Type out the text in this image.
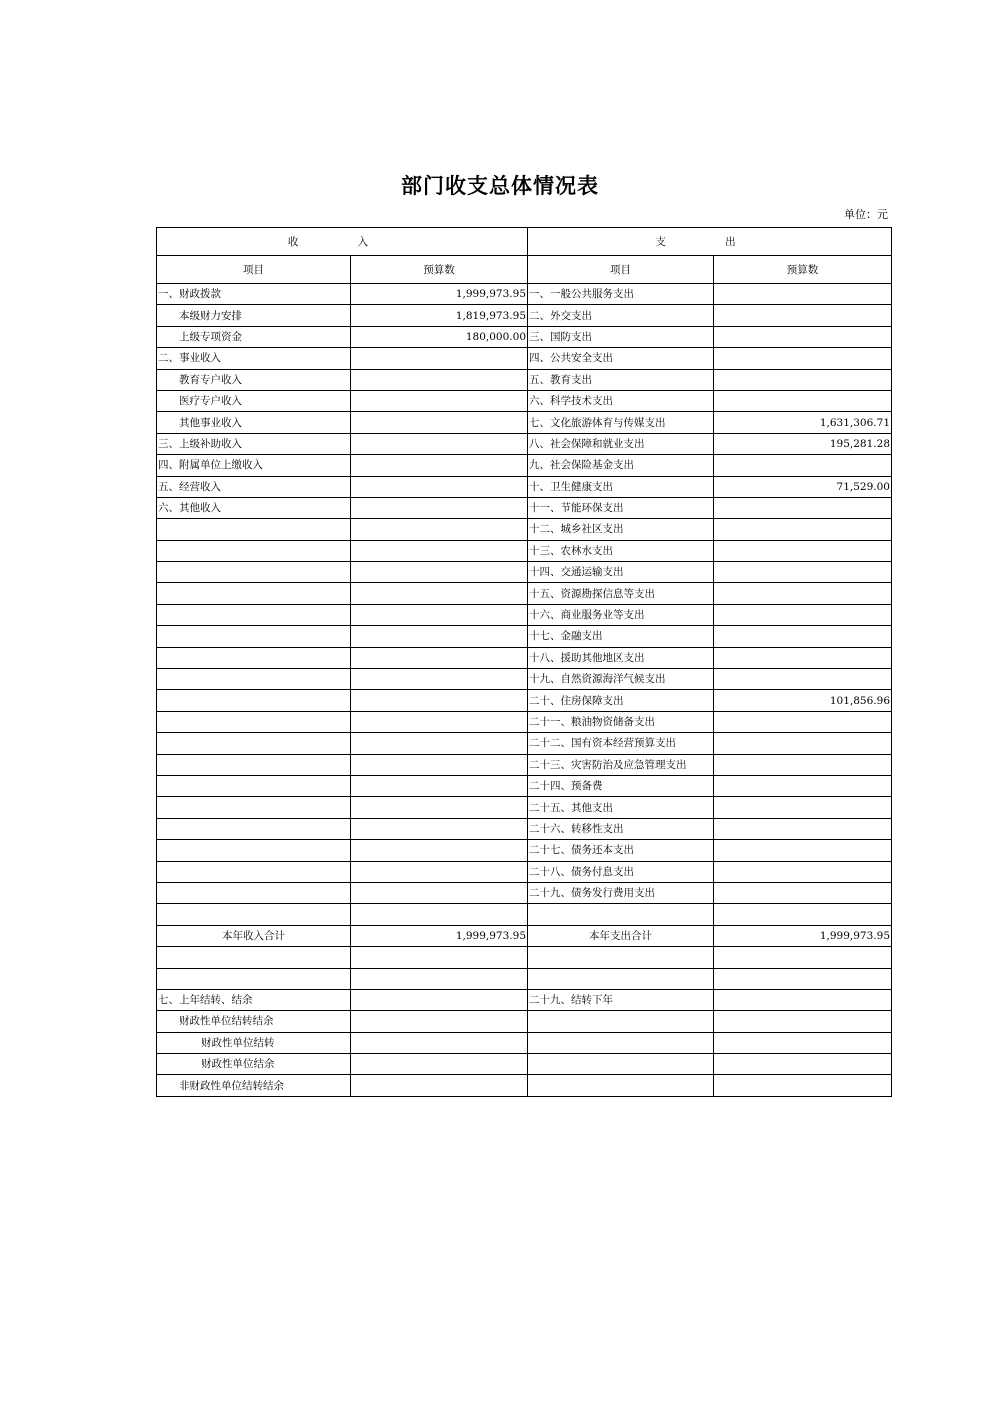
部门收支总体情况表
单位：元
收 入		支 出	
项目	预算数	项目	预算数
一、财政拨款	1,999,973.95	一、一般公共服务支出	
本级财力安排	1,819,973.95	二、外交支出	
上级专项资金	180,000.00	三、国防支出	
二、事业收入		四、公共安全支出	
教育专户收入		五、教育支出	
医疗专户收入		六、科学技术支出	
其他事业收入		七、文化旅游体育与传媒支出	1,631,306.71
三、上级补助收入		八、社会保障和就业支出	195,281.28
四、附属单位上缴收入		九、社会保险基金支出	
五、经营收入		十、卫生健康支出	71,529.00
六、其他收入		十一、节能环保支出	
		十二、城乡社区支出	
		十三、农林水支出	
		十四、交通运输支出	
		十五、资源勘探信息等支出	
		十六、商业服务业等支出	
		十七、金融支出	
		十八、援助其他地区支出	
		十九、自然资源海洋气候支出	
		二十、住房保障支出	101,856.96
		二十一、粮油物资储备支出	
		二十二、国有资本经营预算支出	
		二十三、灾害防治及应急管理支出	
		二十四、预备费	
		二十五、其他支出	
		二十六、转移性支出	
		二十七、债务还本支出	
		二十八、债务付息支出	
		二十九、债务发行费用支出	

本年收入合计	1,999,973.95	本年支出合计	1,999,973.95

七、上年结转、结余		二十九、结转下年	
财政性单位结转结余			
财政性单位结转			
财政性单位结余			
非财政性单位结转结余			
